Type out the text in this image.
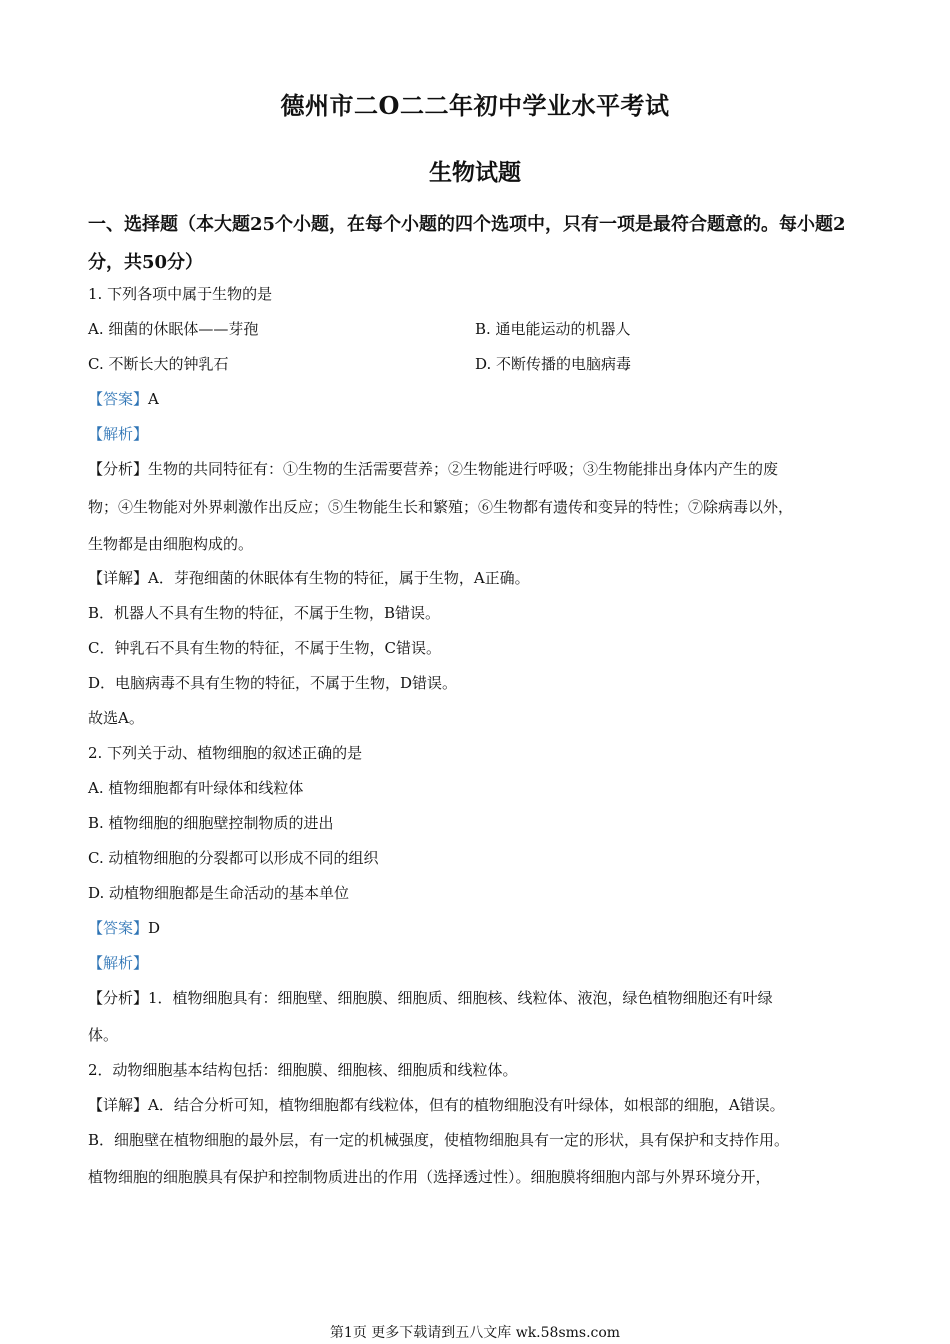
德州市二O二二年初中学业水平考试
生物试题
一、选择题（本大题25个小题，在每个小题的四个选项中，只有一项是最符合题意的。每小题2分，共50分）
1. 下列各项中属于生物的是
A. 细菌的休眠体——芽孢	B. 通电能运动的机器人
C. 不断长大的钟乳石	D. 不断传播的电脑病毒
【答案】A
【解析】
【分析】生物的共同特征有：①生物的生活需要营养；②生物能进行呼吸；③生物能排出身体内产生的废
物；④生物能对外界刺激作出反应；⑤生物能生长和繁殖；⑥生物都有遗传和变异的特性；⑦除病毒以外，
生物都是由细胞构成的。
【详解】A．芽孢细菌的休眠体有生物的特征，属于生物，A正确。
B．机器人不具有生物的特征，不属于生物，B错误。
C．钟乳石不具有生物的特征，不属于生物，C错误。
D．电脑病毒不具有生物的特征，不属于生物，D错误。
故选A。
2. 下列关于动、植物细胞的叙述正确的是
A. 植物细胞都有叶绿体和线粒体
B. 植物细胞的细胞壁控制物质的进出
C. 动植物细胞的分裂都可以形成不同的组织
D. 动植物细胞都是生命活动的基本单位
【答案】D
【解析】
【分析】1．植物细胞具有：细胞壁、细胞膜、细胞质、细胞核、线粒体、液泡，绿色植物细胞还有叶绿
体。
2．动物细胞基本结构包括：细胞膜、细胞核、细胞质和线粒体。
【详解】A．结合分析可知，植物细胞都有线粒体，但有的植物细胞没有叶绿体，如根部的细胞，A错误。
B．细胞壁在植物细胞的最外层，有一定的机械强度，使植物细胞具有一定的形状，具有保护和支持作用。
植物细胞的细胞膜具有保护和控制物质进出的作用（选择透过性）。细胞膜将细胞内部与外界环境分开，
第1页 更多下载请到五八文库 wk.58sms.com
